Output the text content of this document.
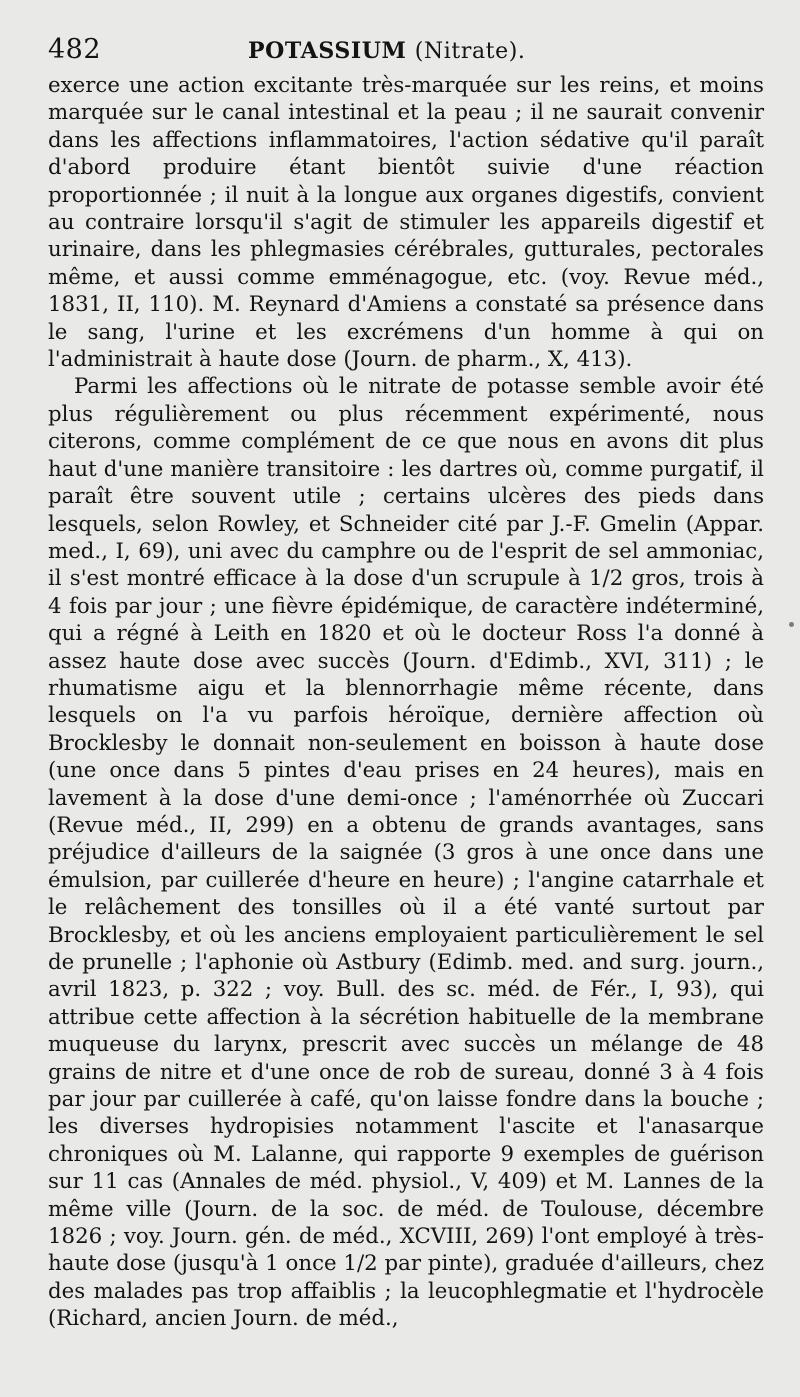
482	POTASSIUM (Nitrate).

exerce une action excitante très-marquée sur les reins, et moins marquée sur le canal intestinal et la peau ; il ne saurait convenir dans les affections inflammatoires, l'action sédative qu'il paraît d'abord produire étant bientôt suivie d'une réaction proportionnée ; il nuit à la longue aux organes digestifs, convient au contraire lorsqu'il s'agit de stimuler les appareils digestif et urinaire, dans les phlegmasies cérébrales, gutturales, pectorales même, et aussi comme emménagogue, etc. (voy. Revue méd., 1831, II, 110). M. Reynard d'Amiens a constaté sa présence dans le sang, l'urine et les excrémens d'un homme à qui on l'administrait à haute dose (Journ. de pharm., X, 413).

Parmi les affections où le nitrate de potasse semble avoir été plus régulièrement ou plus récemment expérimenté, nous citerons, comme complément de ce que nous en avons dit plus haut d'une manière transitoire : les dartres où, comme purgatif, il paraît être souvent utile ; certains ulcères des pieds dans lesquels, selon Rowley, et Schneider cité par J.-F. Gmelin (Appar. med., I, 69), uni avec du camphre ou de l'esprit de sel ammoniac, il s'est montré efficace à la dose d'un scrupule à 1/2 gros, trois à 4 fois par jour ; une fièvre épidémique, de caractère indéterminé, qui a régné à Leith en 1820 et où le docteur Ross l'a donné à assez haute dose avec succès (Journ. d'Edimb., XVI, 311) ; le rhumatisme aigu et la blennorrhagie même récente, dans lesquels on l'a vu parfois héroïque, dernière affection où Brocklesby le donnait non-seulement en boisson à haute dose (une once dans 5 pintes d'eau prises en 24 heures), mais en lavement à la dose d'une demi-once ; l'aménorrhée où Zuccari (Revue méd., II, 299) en a obtenu de grands avantages, sans préjudice d'ailleurs de la saignée (3 gros à une once dans une émulsion, par cuillerée d'heure en heure) ; l'angine catarrhale et le relâchement des tonsilles où il a été vanté surtout par Brocklesby, et où les anciens employaient particulièrement le sel de prunelle ; l'aphonie où Astbury (Edimb. med. and surg. journ., avril 1823, p. 322 ; voy. Bull. des sc. méd. de Fér., I, 93), qui attribue cette affection à la sécrétion habituelle de la membrane muqueuse du larynx, prescrit avec succès un mélange de 48 grains de nitre et d'une once de rob de sureau, donné 3 à 4 fois par jour par cuillerée à café, qu'on laisse fondre dans la bouche ; les diverses hydropisies notamment l'ascite et l'anasarque chroniques où M. Lalanne, qui rapporte 9 exemples de guérison sur 11 cas (Annales de méd. physiol., V, 409) et M. Lannes de la même ville (Journ. de la soc. de méd. de Toulouse, décembre 1826 ; voy. Journ. gén. de méd., XCVIII, 269) l'ont employé à très-haute dose (jusqu'à 1 once 1/2 par pinte), graduée d'ailleurs, chez des malades pas trop affaiblis ; la leucophlegmatie et l'hydrocèle (Richard, ancien Journ. de méd.,
